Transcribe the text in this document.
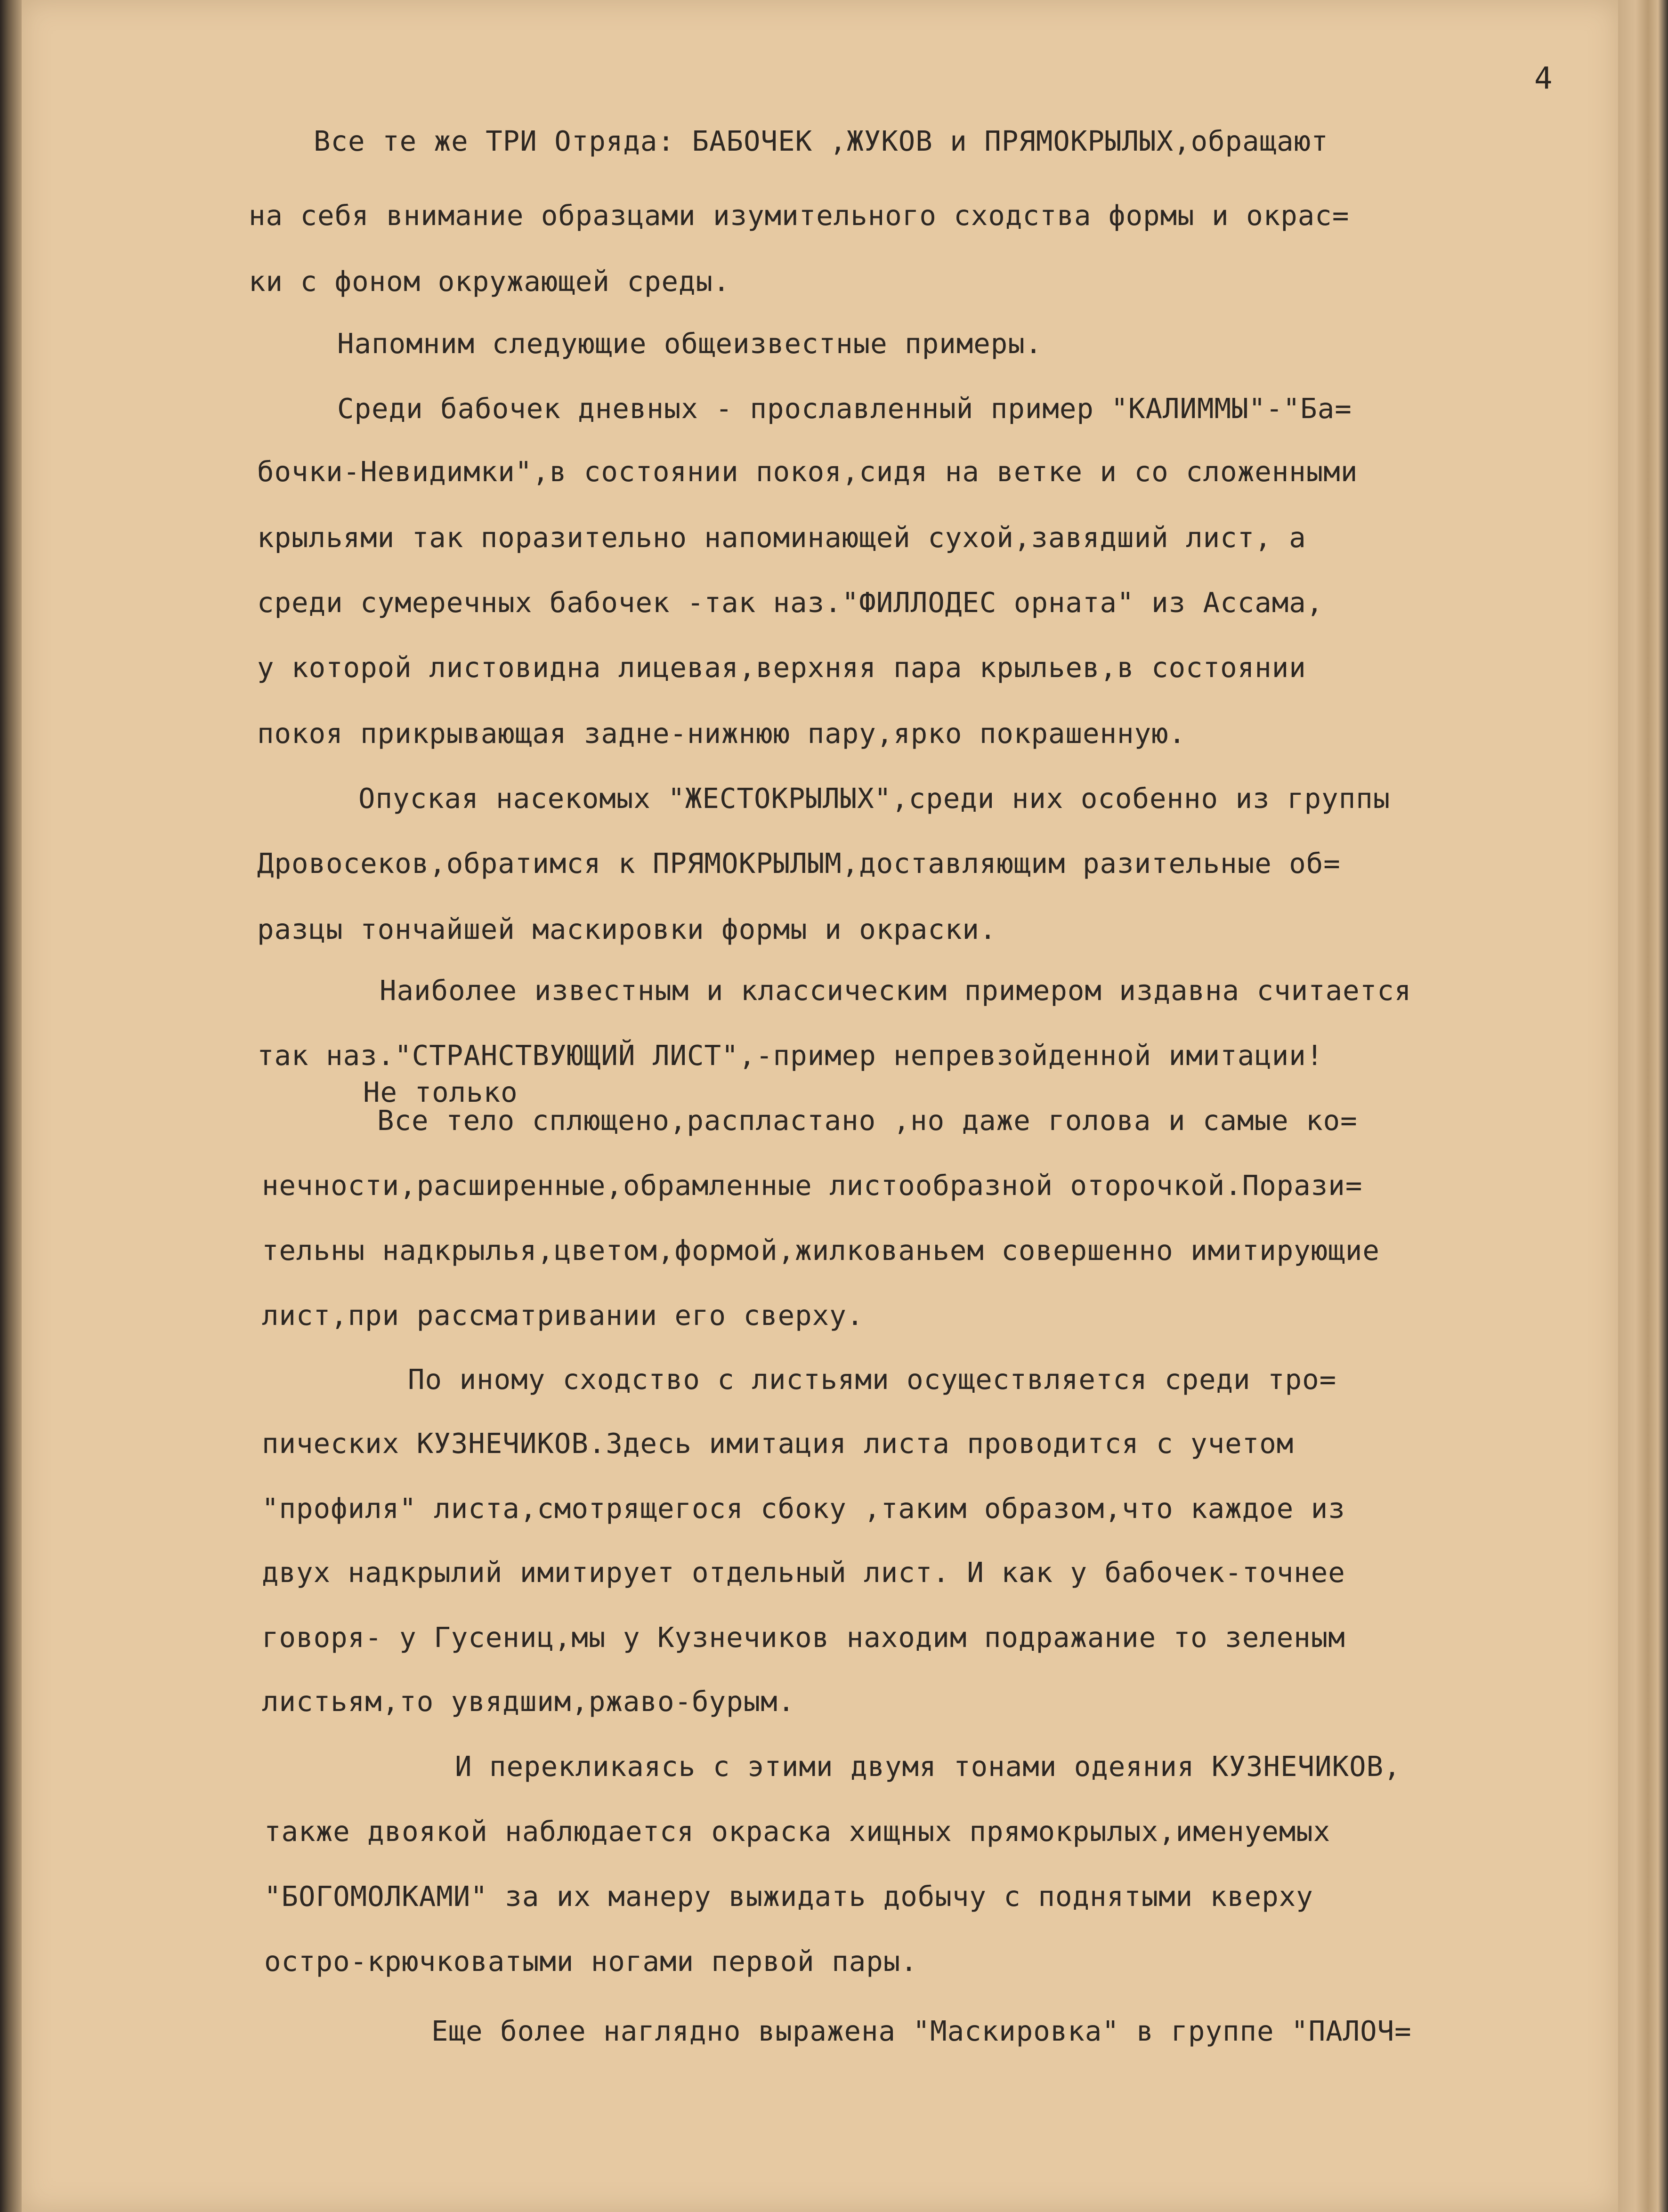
4
Все те же ТРИ Отряда: БАБОЧЕК ,ЖУКОВ и ПРЯМОКРЫЛЫХ,обращают
на себя внимание образцами изумительного сходства формы и окрас=
ки с фоном окружающей среды.
Напомним следующие общеизвестные примеры.
Среди бабочек дневных - прославленный пример "КАЛИММЫ"-"Ба=
бочки-Невидимки",в состоянии покоя,сидя на ветке и со сложенными
крыльями так поразительно напоминающей сухой,завядший лист, а
среди сумеречных бабочек -так наз."ФИЛЛОДЕС орната" из Ассама,
у которой листовидна лицевая,верхняя пара крыльев,в состоянии
покоя прикрывающая задне-нижнюю пару,ярко покрашенную.
Опуская насекомых "ЖЕСТОКРЫЛЫХ",среди них особенно из группы
Дровосеков,обратимся к ПРЯМОКРЫЛЫМ,доставляющим разительные об=
разцы тончайшей маскировки формы и окраски.
Наиболее известным и классическим примером издавна считается
так наз."СТРАНСТВУЮЩИЙ ЛИСТ",-пример непревзойденной имитации!
Не только
Все тело сплющено,распластано ,но даже голова и самые ко=
нечности,расширенные,обрамленные листообразной оторочкой.Порази=
тельны надкрылья,цветом,формой,жилкованьем совершенно имитирующие
лист,при рассматривании его сверху.
По иному сходство с листьями осуществляется среди тро=
пических КУЗНЕЧИКОВ.Здесь имитация листа проводится с учетом
"профиля" листа,смотрящегося сбоку ,таким образом,что каждое из
двух надкрылий имитирует отдельный лист. И как у бабочек-точнее
говоря- у Гусениц,мы у Кузнечиков находим подражание то зеленым
листьям,то увядшим,ржаво-бурым.
И перекликаясь с этими двумя тонами одеяния КУЗНЕЧИКОВ,
также двоякой наблюдается окраска хищных прямокрылых,именуемых
"БОГОМОЛКАМИ" за их манеру выжидать добычу с поднятыми кверху
остро-крючковатыми ногами первой пары.
Еще более наглядно выражена "Маскировка" в группе "ПАЛОЧ=
